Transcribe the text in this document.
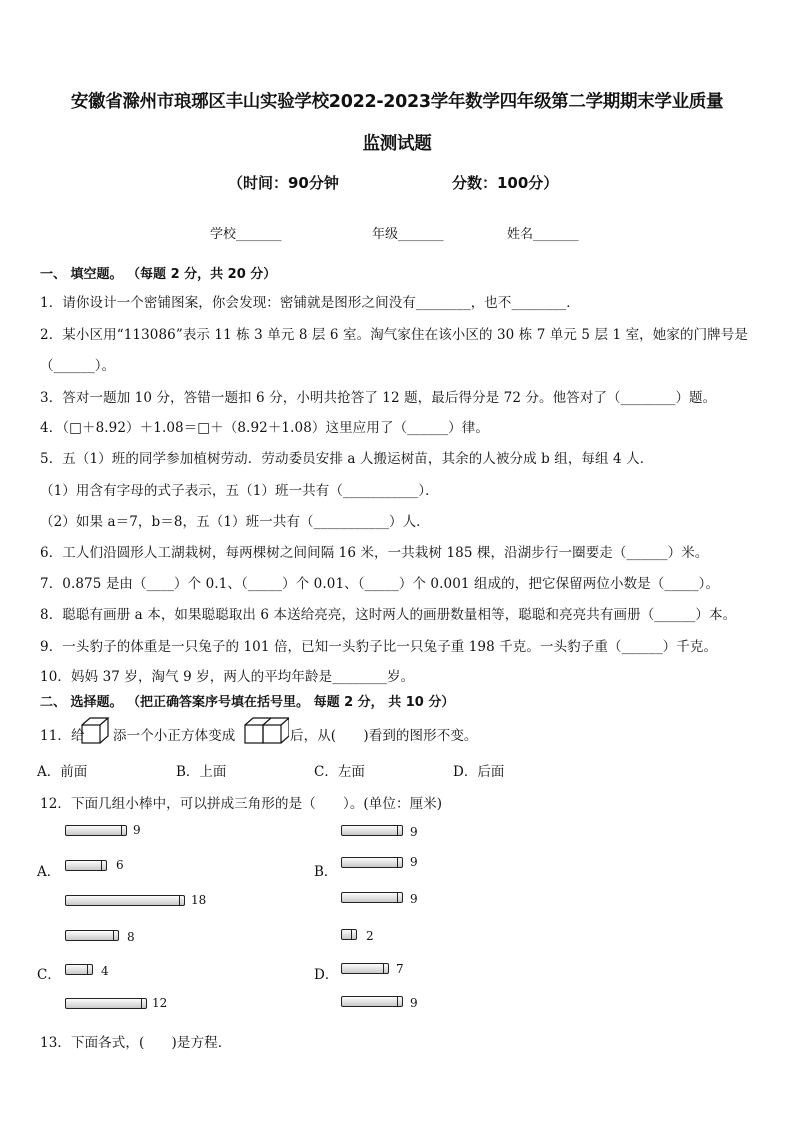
安徽省滁州市琅琊区丰山实验学校2022-2023学年数学四年级第二学期期末学业质量
监测试题
（时间：90分钟	分数：100分）
学校_______	年级_______	姓名_______
一、 填空题。 （每题 2 分，共 20 分）
1．请你设计一个密铺图案，你会发现：密铺就是图形之间没有________，也不________．
2．某小区用“113086”表示 11 栋 3 单元 8 层 6 室。淘气家住在该小区的 30 栋 7 单元 5 层 1 室，她家的门牌号是
（______）。
3．答对一题加 10 分，答错一题扣 6 分，小明共抢答了 12 题，最后得分是 72 分。他答对了（________）题。
4．（□＋8.92）＋1.08＝□＋（8.92＋1.08）这里应用了（______）律。
5．五（1）班的同学参加植树劳动．劳动委员安排 a 人搬运树苗，其余的人被分成 b 组，每组 4 人．
（1）用含有字母的式子表示，五（1）班一共有（___________）．
（2）如果 a＝7，b＝8，五（1）班一共有（___________）人．
6．工人们沿圆形人工湖栽树，每两棵树之间间隔 16 米，一共栽树 185 棵，沿湖步行一圈要走（______）米。
7．0.875 是由（____）个 0.1、（_____）个 0.01、（_____）个 0.001 组成的，把它保留两位小数是（_____）。
8．聪聪有画册 a 本，如果聪聪取出 6 本送给亮亮，这时两人的画册数量相等，聪聪和亮亮共有画册（______）本。
9．一头豹子的体重是一只兔子的 101 倍，已知一头豹子比一只兔子重 198 千克。一头豹子重（______）千克。
10．妈妈 37 岁，淘气 9 岁，两人的平均年龄是________岁。
二、 选择题。 （把正确答案序号填在括号里。 每题 2 分， 共 10 分）
11．给 添一个小正方体变成	后，从(　　)看到的图形不变。
A．前面	B．上面	C．左面	D．后面
12．下面几组小棒中，可以拼成三角形的是（　　）。(单位：厘米)
A．	B．
C．	D．
9
6
18
9
9
9
8
4
12
2
7
9
13．下面各式，(　　)是方程．
